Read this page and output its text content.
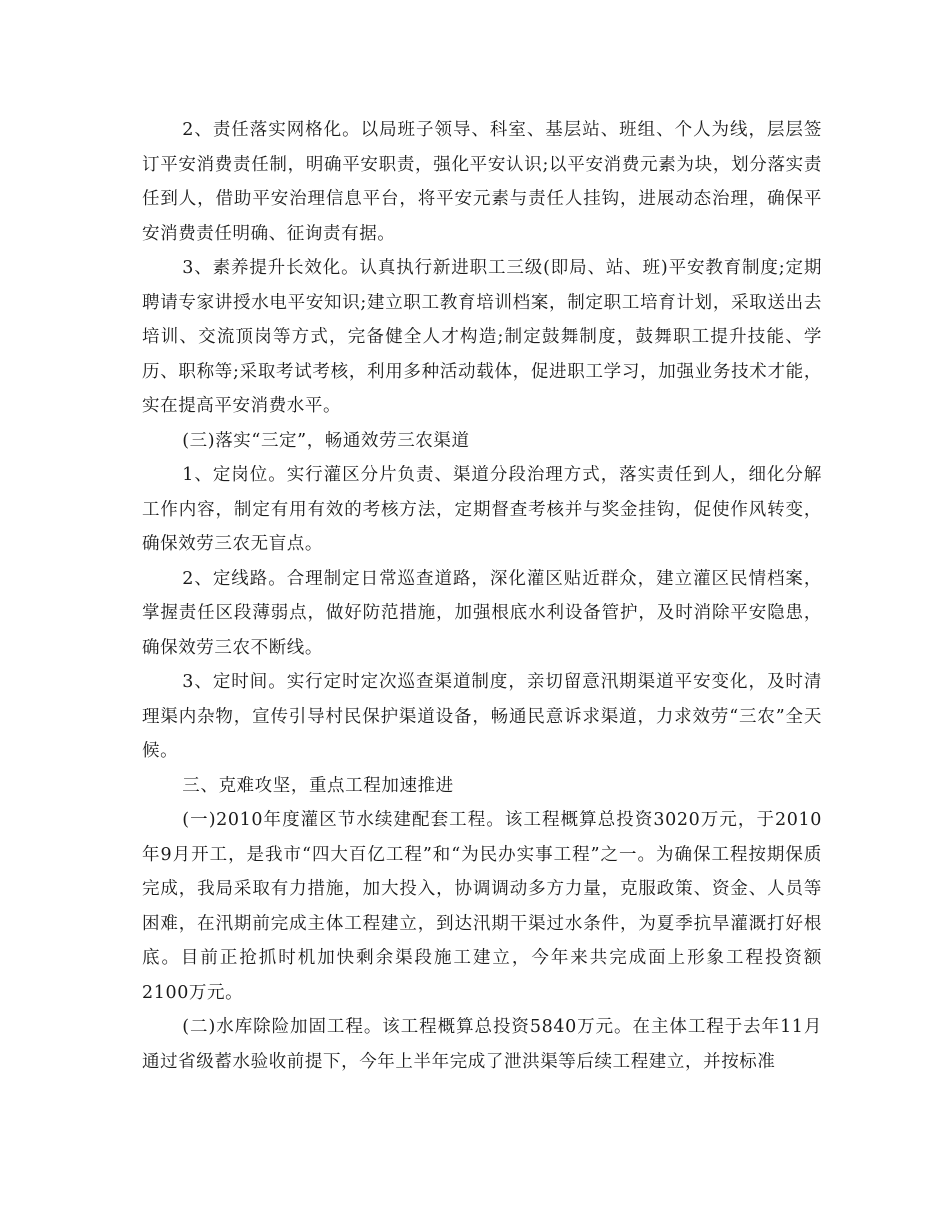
2、责任落实网格化。以局班子领导、科室、基层站、班组、个人为线，层层签订平安消费责任制，明确平安职责，强化平安认识;以平安消费元素为块，划分落实责任到人，借助平安治理信息平台，将平安元素与责任人挂钩，进展动态治理，确保平安消费责任明确、征询责有据。

3、素养提升长效化。认真执行新进职工三级(即局、站、班)平安教育制度;定期聘请专家讲授水电平安知识;建立职工教育培训档案，制定职工培育计划，采取送出去培训、交流顶岗等方式，完备健全人才构造;制定鼓舞制度，鼓舞职工提升技能、学历、职称等;采取考试考核，利用多种活动载体，促进职工学习，加强业务技术才能，实在提高平安消费水平。

(三)落实“三定”，畅通效劳三农渠道

1、定岗位。实行灌区分片负责、渠道分段治理方式，落实责任到人，细化分解工作内容，制定有用有效的考核方法，定期督查考核并与奖金挂钩，促使作风转变，确保效劳三农无盲点。

2、定线路。合理制定日常巡查道路，深化灌区贴近群众，建立灌区民情档案，掌握责任区段薄弱点，做好防范措施，加强根底水利设备管护，及时消除平安隐患，确保效劳三农不断线。

3、定时间。实行定时定次巡查渠道制度，亲切留意汛期渠道平安变化，及时清理渠内杂物，宣传引导村民保护渠道设备，畅通民意诉求渠道，力求效劳“三农”全天候。

三、克难攻坚，重点工程加速推进

(一)2010年度灌区节水续建配套工程。该工程概算总投资3020万元，于2010年9月开工，是我市“四大百亿工程”和“为民办实事工程”之一。为确保工程按期保质完成，我局采取有力措施，加大投入，协调调动多方力量，克服政策、资金、人员等困难，在汛期前完成主体工程建立，到达汛期干渠过水条件，为夏季抗旱灌溉打好根底。目前正抢抓时机加快剩余渠段施工建立，今年来共完成面上形象工程投资额2100万元。

(二)水库除险加固工程。该工程概算总投资5840万元。在主体工程于去年11月通过省级蓄水验收前提下，今年上半年完成了泄洪渠等后续工程建立，并按标准
